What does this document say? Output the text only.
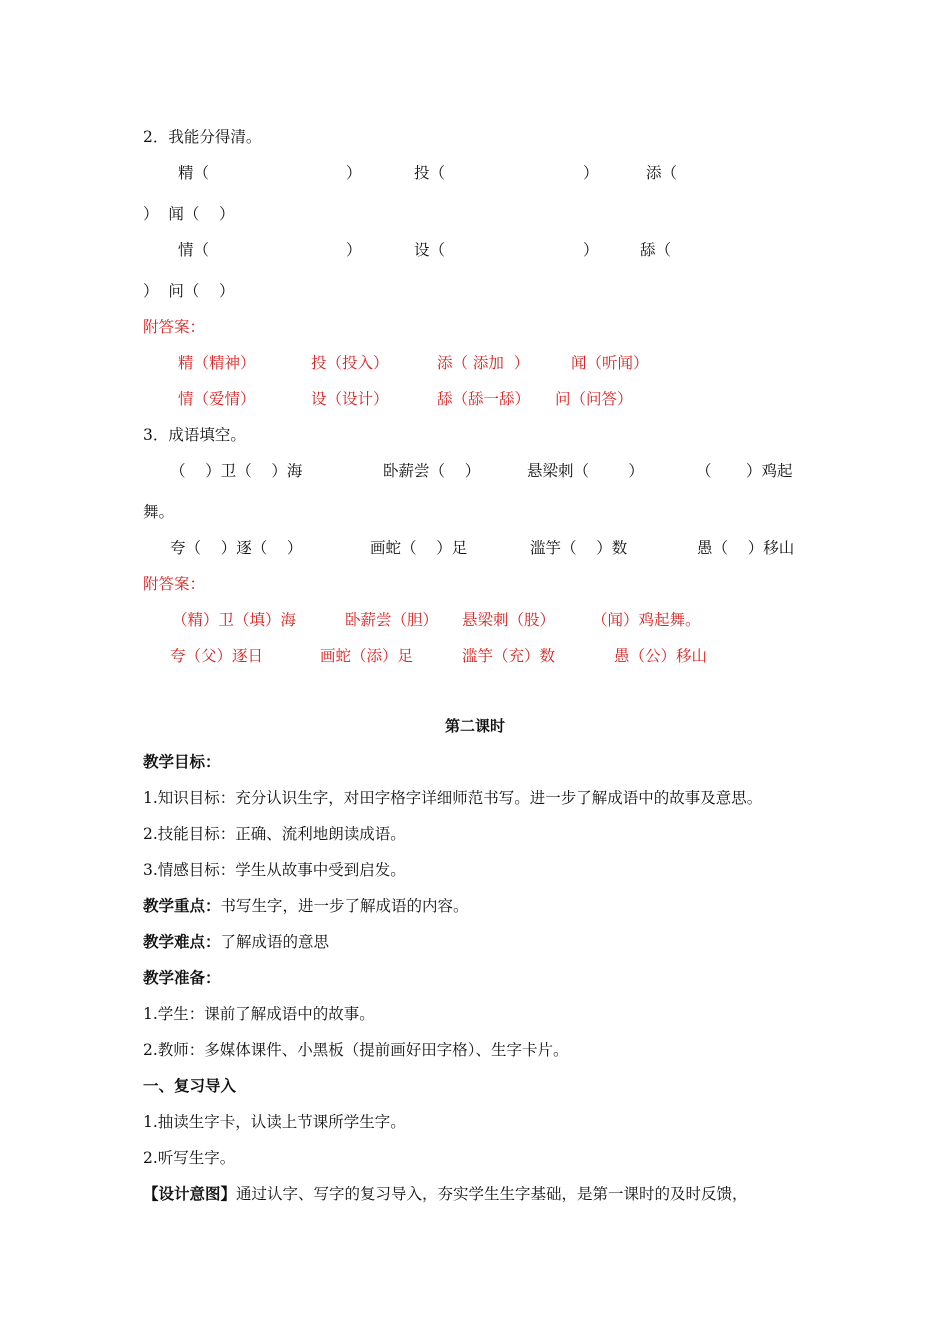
2．我能分得清。
精（	）	投（	）	添（
）  闻（    ）
情（	）	设（	）	舔（
）  问（    ）
附答案：
精（精神）	投（投入）	添（ 添加  ）	闻（听闻）
情（爱情）	设（设计）	舔（舔一舔） 问（问答）
3．成语填空。
（    ）卫（    ）海	卧薪尝（    ）	悬梁刺（        ）	（       ）鸡起
舞。
夸（    ）逐（    ）	画蛇（    ）足	滥竽（    ）数	愚（    ）移山
附答案：
（精）卫（填）海	卧薪尝（胆） 悬梁刺（股） （闻）鸡起舞。
夸（父）逐日	画蛇（添）足	滥竽（充）数	愚（公）移山
第二课时
教学目标：
1.知识目标：充分认识生字，对田字格字详细师范书写。进一步了解成语中的故事及意思。
2.技能目标：正确、流利地朗读成语。
3.情感目标：学生从故事中受到启发。
教学重点：书写生字，进一步了解成语的内容。
教学难点：了解成语的意思
教学准备：
1.学生：课前了解成语中的故事。
2.教师：多媒体课件、小黑板（提前画好田字格）、生字卡片。
一、复习导入
1.抽读生字卡，认读上节课所学生字。
2.听写生字。
【设计意图】通过认字、写字的复习导入，夯实学生生字基础，是第一课时的及时反馈，
